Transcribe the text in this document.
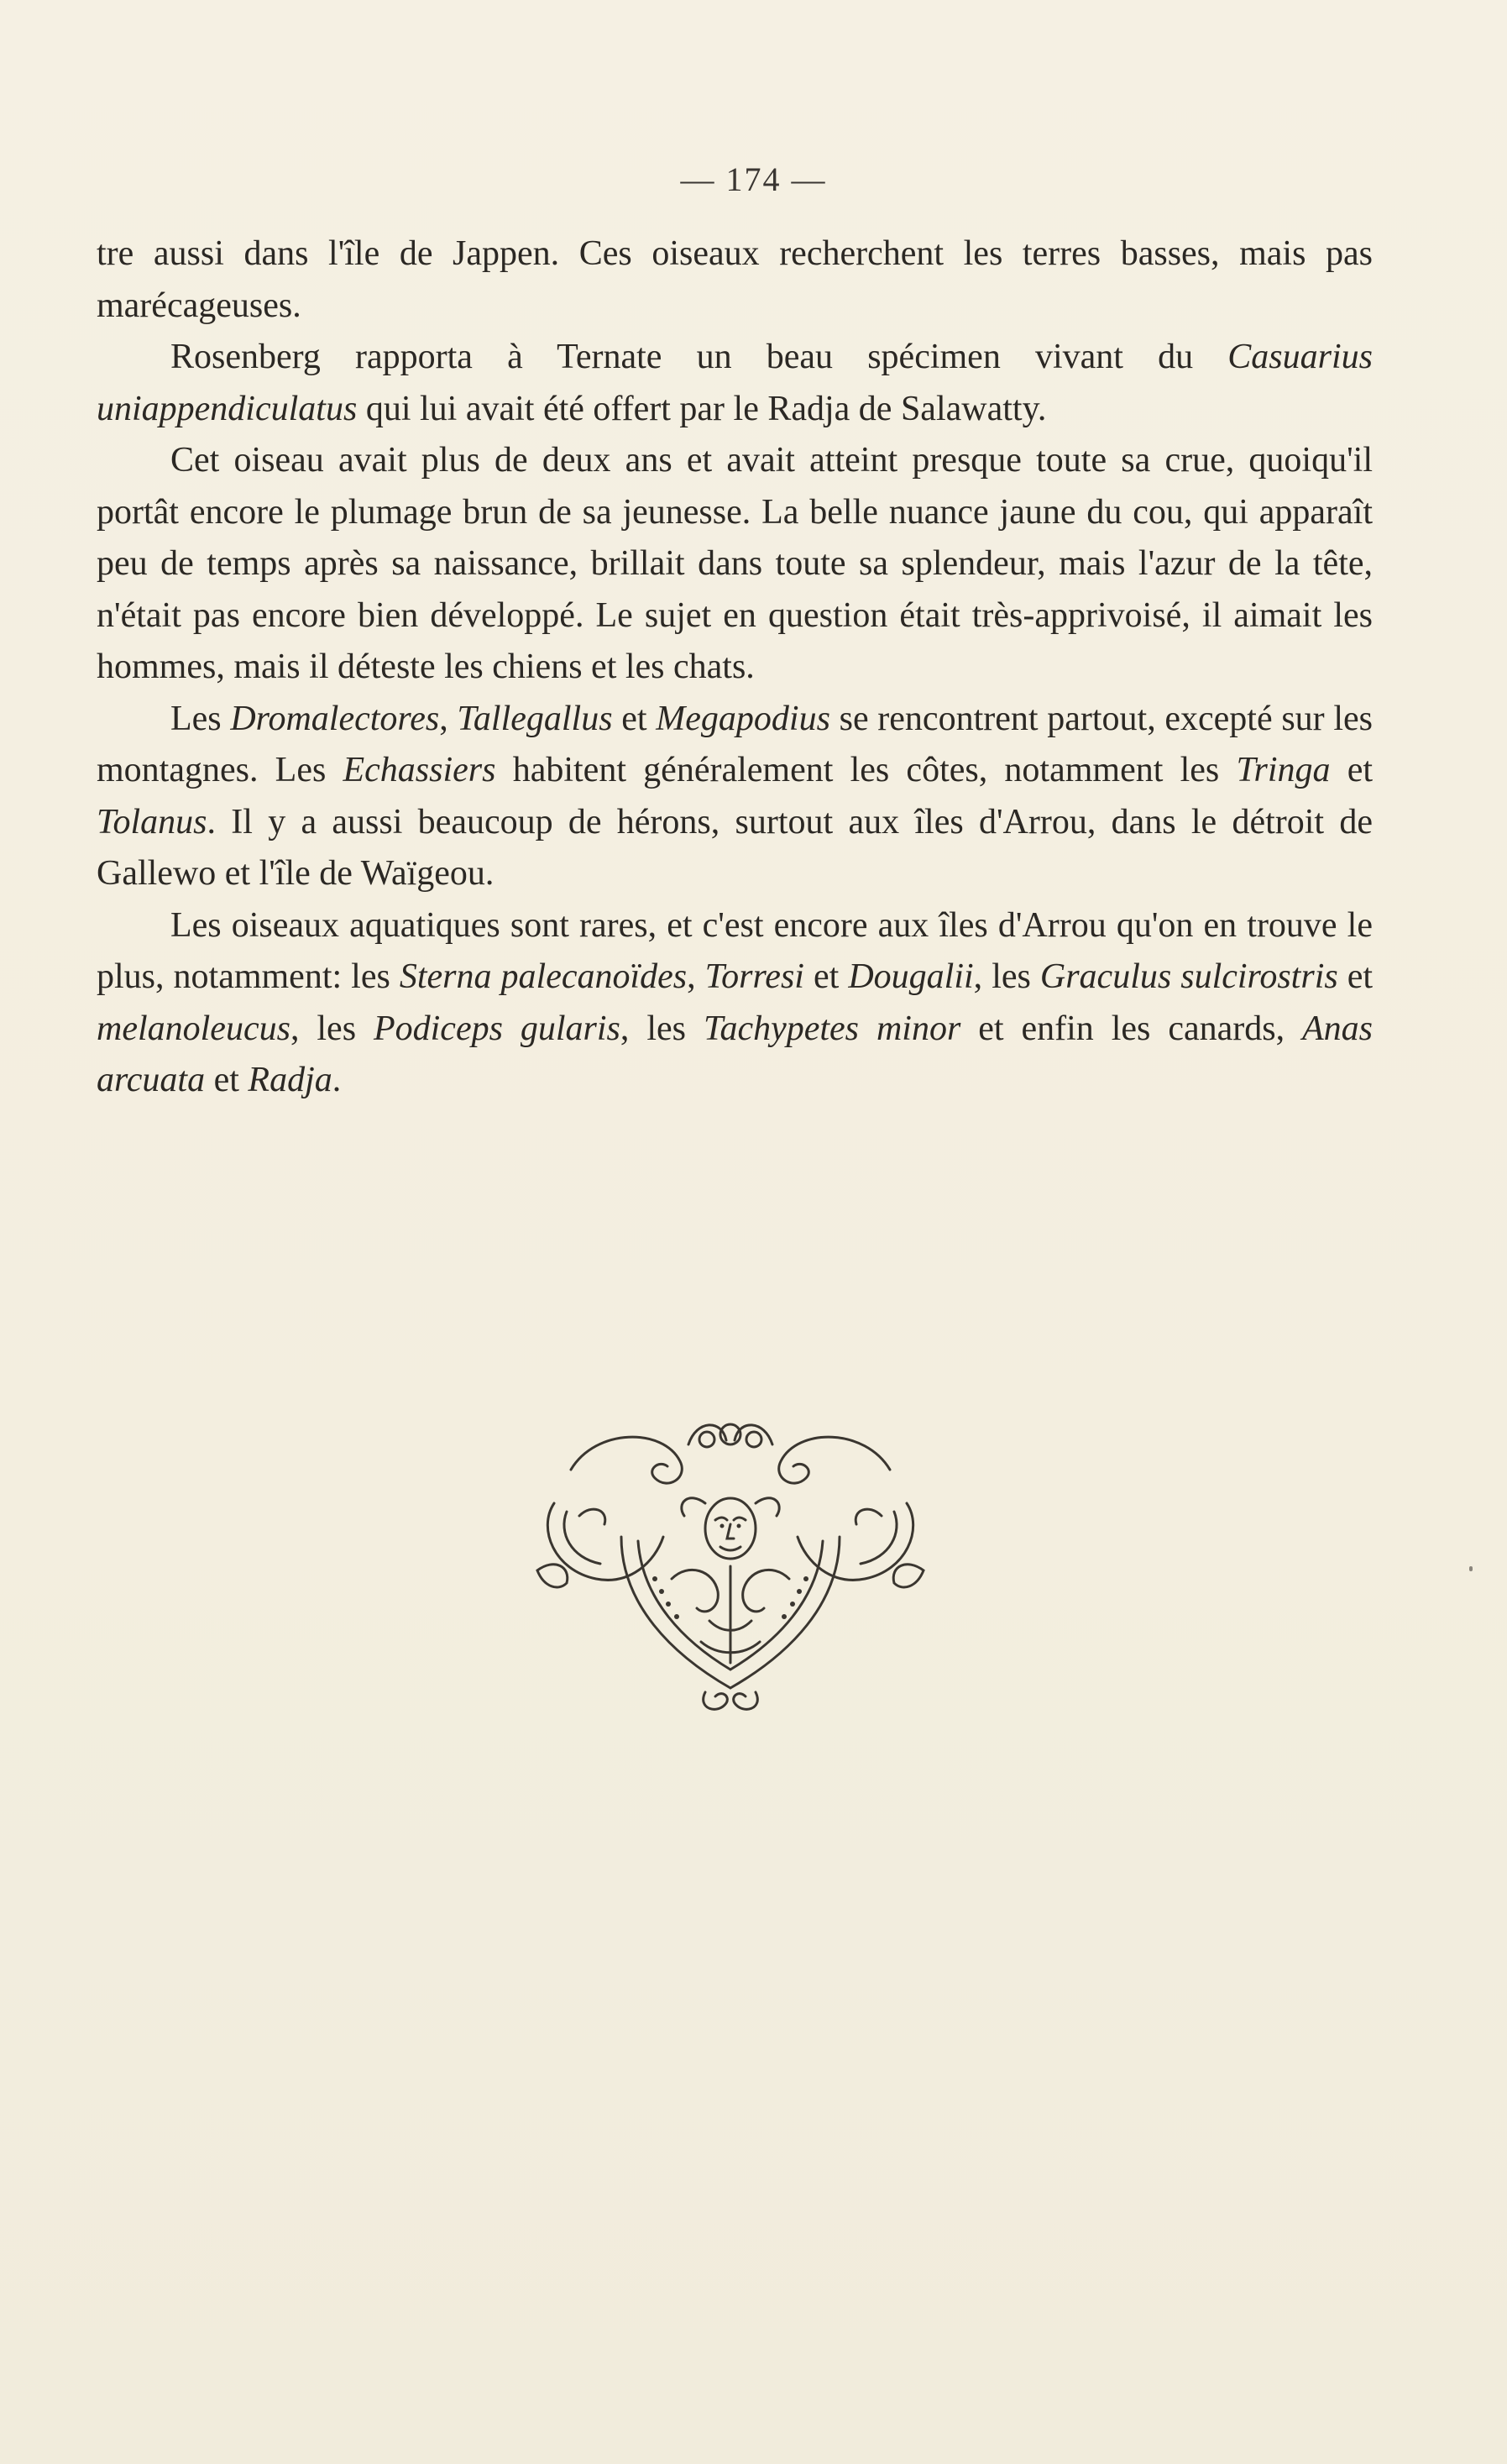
— 174 —

tre aussi dans l'île de Jappen. Ces oiseaux recherchent les terres basses, mais pas marécageuses.

Rosenberg rapporta à Ternate un beau spécimen vivant du Casuarius uniappendiculatus qui lui avait été offert par le Radja de Salawatty.

Cet oiseau avait plus de deux ans et avait atteint presque toute sa crue, quoiqu'il portât encore le plumage brun de sa jeunesse. La belle nuance jaune du cou, qui apparaît peu de temps après sa naissance, brillait dans toute sa splendeur, mais l'azur de la tête, n'était pas encore bien développé. Le sujet en question était très-apprivoisé, il aimait les hommes, mais il déteste les chiens et les chats.

Les Dromalectores, Tallegallus et Megapodius se rencontrent partout, excepté sur les montagnes. Les Echassiers habitent généralement les côtes, notamment les Tringa et Tolanus. Il y a aussi beaucoup de hérons, surtout aux îles d'Arrou, dans le détroit de Gallewo et l'île de Waïgeou.

Les oiseaux aquatiques sont rares, et c'est encore aux îles d'Arrou qu'on en trouve le plus, notamment: les Sterna palecanoïdes, Torresi et Dougalii, les Graculus sulcirostris et melanoleucus, les Podiceps gularis, les Tachypetes minor et enfin les canards, Anas arcuata et Radja.
